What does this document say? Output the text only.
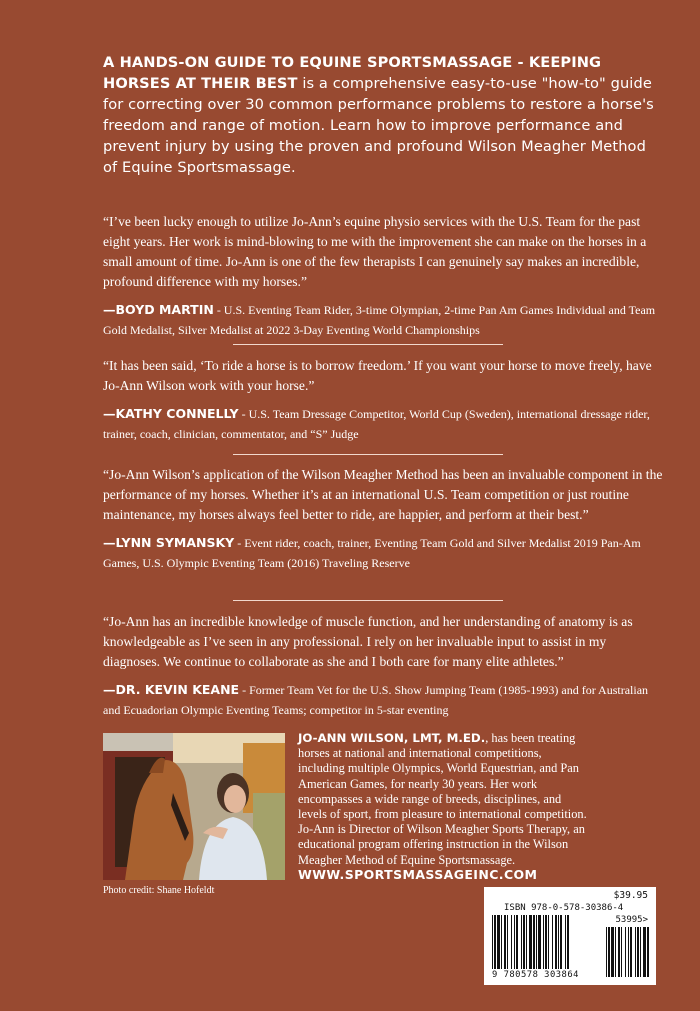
A HANDS-ON GUIDE TO EQUINE SPORTSMASSAGE - KEEPING HORSES AT THEIR BEST is a comprehensive easy-to-use "how-to" guide for correcting over 30 common performance problems to restore a horse's freedom and range of motion. Learn how to improve performance and prevent injury by using the proven and profound Wilson Meagher Method of Equine Sportsmassage.

“I’ve been lucky enough to utilize Jo-Ann’s equine physio services with the U.S. Team for the past eight years. Her work is mind-blowing to me with the improvement she can make on the horses in a small amount of time. Jo-Ann is one of the few therapists I can genuinely say makes an incredible, profound difference with my horses.”

—BOYD MARTIN - U.S. Eventing Team Rider, 3-time Olympian, 2-time Pan Am Games Individual and Team Gold Medalist, Silver Medalist at 2022 3-Day Eventing World Championships

“It has been said, ‘To ride a horse is to borrow freedom.’ If you want your horse to move freely, have Jo-Ann Wilson work with your horse.”

—KATHY CONNELLY - U.S. Team Dressage Competitor, World Cup (Sweden), international dressage rider, trainer, coach, clinician, commentator, and “S” Judge

“Jo-Ann Wilson’s application of the Wilson Meagher Method has been an invaluable component in the performance of my horses. Whether it’s at an international U.S. Team competition or just routine maintenance, my horses always feel better to ride, are happier, and perform at their best.”

—LYNN SYMANSKY - Event rider, coach, trainer, Eventing Team Gold and Silver Medalist 2019 Pan-Am Games, U.S. Olympic Eventing Team (2016) Traveling Reserve

“Jo-Ann has an incredible knowledge of muscle function, and her understanding of anatomy is as knowledgeable as I’ve seen in any professional. I rely on her invaluable input to assist in my diagnoses. We continue to collaborate as she and I both care for many elite athletes.”

—DR. KEVIN KEANE - Former Team Vet for the U.S. Show Jumping Team (1985-1993) and for Australian and Ecuadorian Olympic Eventing Teams; competitor in 5-star eventing
Photo credit: Shane Hofeldt
JO-ANN WILSON, LMT, M.ED., has been treating horses at national and international competitions, including multiple Olympics, World Equestrian, and Pan American Games, for nearly 30 years. Her work encompasses a wide range of breeds, disciplines, and levels of sport, from pleasure to international competition. Jo-Ann is Director of Wilson Meagher Sports Therapy, an educational program offering instruction in the Wilson Meagher Method of Equine Sportsmassage.
WWW.SPORTSMASSAGEINC.COM
$39.95
ISBN 978-0-578-30386-4
53995>
9 780578 303864
